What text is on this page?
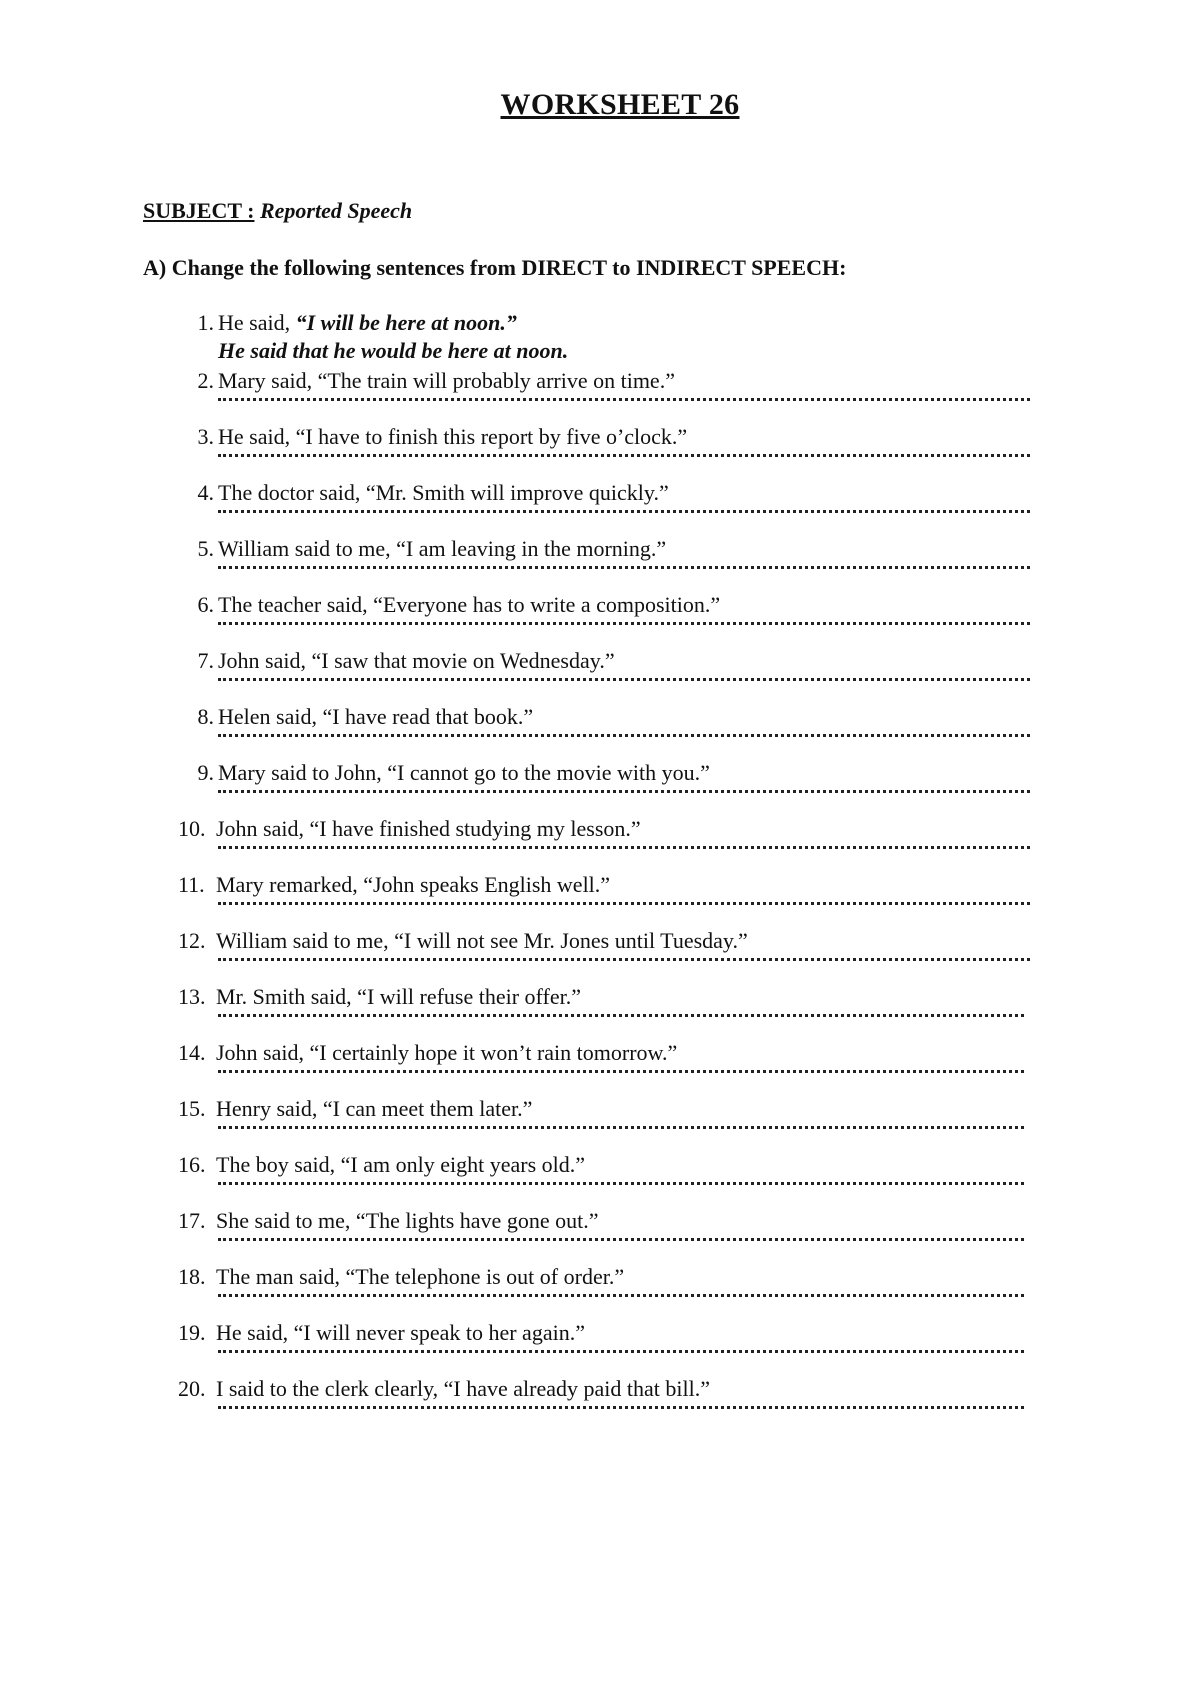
WORKSHEET 26
SUBJECT : Reported Speech
A) Change the following sentences from DIRECT to INDIRECT SPEECH:
1. He said, “I will be here at noon.”
He said that he would be here at noon.
2. Mary said, “The train will probably arrive on time.”
3. He said, “I have to finish this report by five o’clock.”
4. The doctor said, “Mr. Smith will improve quickly.”
5. William said to me, “I am leaving in the morning.”
6. The teacher said, “Everyone has to write a composition.”
7. John said, “I saw that movie on Wednesday.”
8. Helen said, “I have read that book.”
9. Mary said to John, “I cannot go to the movie with you.”
10. John said, “I have finished studying my lesson.”
11. Mary remarked, “John speaks English well.”
12. William said to me, “I will not see Mr. Jones until Tuesday.”
13. Mr. Smith said, “I will refuse their offer.”
14. John said, “I certainly hope it won’t rain tomorrow.”
15. Henry said, “I can meet them later.”
16. The boy said, “I am only eight years old.”
17. She said to me, “The lights have gone out.”
18. The man said, “The telephone is out of order.”
19. He said, “I will never speak to her again.”
20. I said to the clerk clearly, “I have already paid that bill.”
